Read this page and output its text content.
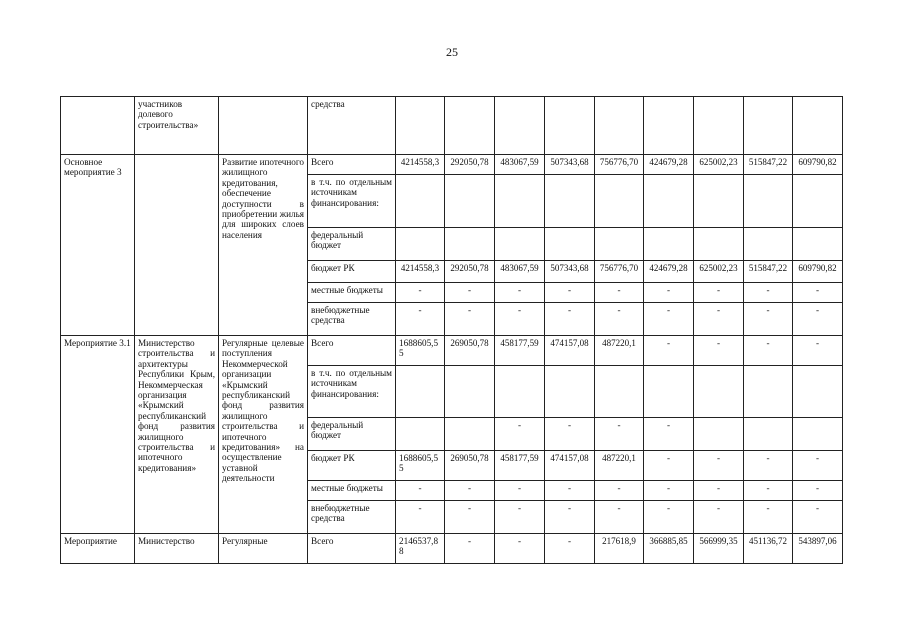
25
	участников долевого строительства»		средства									
Основное мероприятие 3		Развитие ипотечного жилищного кредитования, обеспечение доступности в приобретении жилья для широких слоев населения	Всего	4214558,3	292050,78	483067,59	507343,68	756776,70	424679,28	625002,23	515847,22	609790,82
			в т.ч. по отдельным источникам финансирования:									
			федеральный бюджет									
			бюджет РК	4214558,3	292050,78	483067,59	507343,68	756776,70	424679,28	625002,23	515847,22	609790,82
			местные бюджеты	-	-	-	-	-	-	-	-	-
			внебюджетные средства	-	-	-	-	-	-	-	-	-
Мероприятие 3.1	Министерство строительства и архитектуры Республики Крым, Некоммерческая организация «Крымский республиканский фонд развития жилищного строительства и ипотечного кредитования»	Регулярные целевые поступления Некоммерческой организации «Крымский республиканский фонд развития жилищного строительства и ипотечного кредитования» на осуществление уставной деятельности	Всего	1688605,55	269050,78	458177,59	474157,08	487220,1	-	-	-	-
			в т.ч. по отдельным источникам финансирования:									
			федеральный бюджет			-	-	-	-			
			бюджет РК	1688605,55	269050,78	458177,59	474157,08	487220,1	-	-	-	-
			местные бюджеты	-	-	-	-	-	-	-	-	-
			внебюджетные средства	-	-	-	-	-	-	-	-	-
Мероприятие	Министерство	Регулярные	Всего	2146537,88	-	-	-	217618,9	366885,85	566999,35	451136,72	543897,06
